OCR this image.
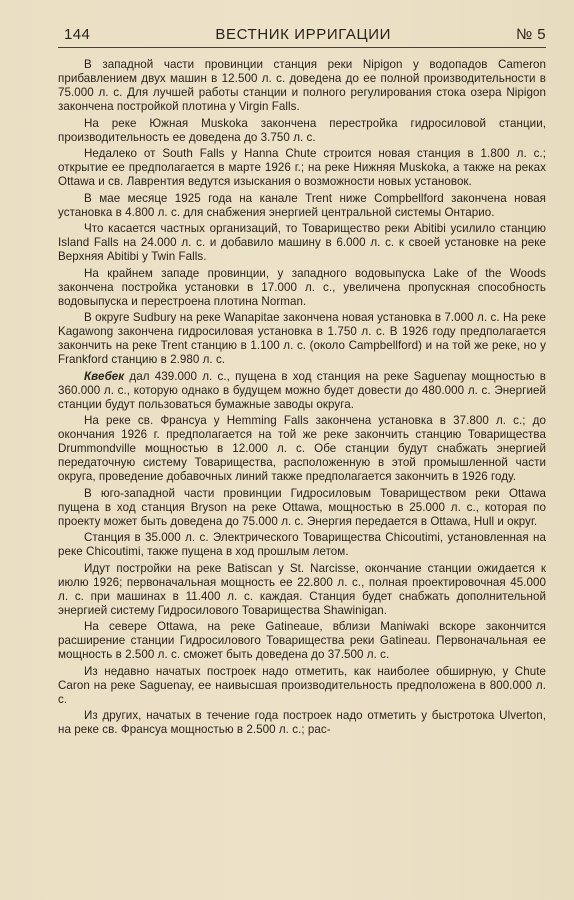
144	ВЕСТНИК ИРРИГАЦИИ	№ 5

В западной части провинции станция реки Nipigon у водопадов Cameron прибавлением двух машин в 12.500 л. с. доведена до ее полной производительности в 75.000 л. с. Для лучшей работы станции и полного регулирования стока озера Nipigon закончена постройкой плотина у Virgin Falls.

На реке Южная Muskoka закончена перестройка гидросиловой станции, производительность ее доведена до 3.750 л. с.

Недалеко от South Falls у Hanna Chute строится новая станция в 1.800 л. с.; открытие ее предполагается в марте 1926 г.; на реке Нижняя Muskoka, а также на реках Ottawa и св. Лаврентия ведутся изыскания о возможности новых установок.

В мае месяце 1925 года на канале Trent ниже Compbellford закончена новая установка в 4.800 л. с. для снабжения энергией центральной системы Онтарио.

Что касается частных организаций, то Товарищество реки Abitibi усилило станцию Island Falls на 24.000 л. с. и добавило машину в 6.000 л. с. к своей установке на реке Верхняя Abitibi у Twin Falls.

На крайнем западе провинции, у западного водовыпуска Lake of the Woods закончена постройка установки в 17.000 л. с., увеличена пропускная способность водовыпуска и перестроена плотина Norman.

В округе Sudbury на реке Wanapitae закончена новая установка в 7.000 л. с. На реке Kagawong закончена гидросиловая установка в 1.750 л. с. В 1926 году предполагается закончить на реке Trent станцию в 1.100 л. с. (около Campbellford) и на той же реке, но у Frankford станцию в 2.980 л. с.

Квебек дал 439.000 л. с., пущена в ход станция на реке Saguenay мощностью в 360.000 л. с., которую однако в будущем можно будет довести до 480.000 л. с. Энергией станции будут пользоваться бумажные заводы округа.

На реке св. Франсуа у Hemming Falls закончена установка в 37.800 л. с.; до окончания 1926 г. предполагается на той же реке закончить станцию Товарищества Drummondville мощностью в 12.000 л. с. Обе станции будут снабжать энергией передаточную систему Товарищества, расположенную в этой промышленной части округа, проведение добавочных линий также предполагается закончить в 1926 году.

В юго-западной части провинции Гидросиловым Товариществом реки Ottawa пущена в ход станция Bryson на реке Ottawa, мощностью в 25.000 л. с., которая по проекту может быть доведена до 75.000 л. с. Энергия передается в Ottawa, Hull и округ.

Станция в 35.000 л. с. Электрического Товарищества Chicoutimi, установленная на реке Chicoutimi, также пущена в ход прошлым летом.

Идут постройки на реке Batiscan у St. Narcisse, окончание станции ожидается к июлю 1926; первоначальная мощность ее 22.800 л. с., полная проектировочная 45.000 л. с. при машинах в 11.400 л. с. каждая. Станция будет снабжать дополнительной энергией систему Гидросилового Товарищества Shawinigan.

На севере Ottawa, на реке Gatineaue, вблизи Maniwaki вскоре закончится расширение станции Гидросилового Товарищества реки Gatineau. Первоначальная ее мощность в 2.500 л. с. сможет быть доведена до 37.500 л. с.

Из недавно начатых построек надо отметить, как наиболее обширную, у Chute Caron на реке Saguenay, ее наивысшая производительность предположена в 800.000 л. с.

Из других, начатых в течение года построек надо отметить у быстротока Ulverton, на реке св. Франсуа мощностью в 2.500 л. с.; рас-
